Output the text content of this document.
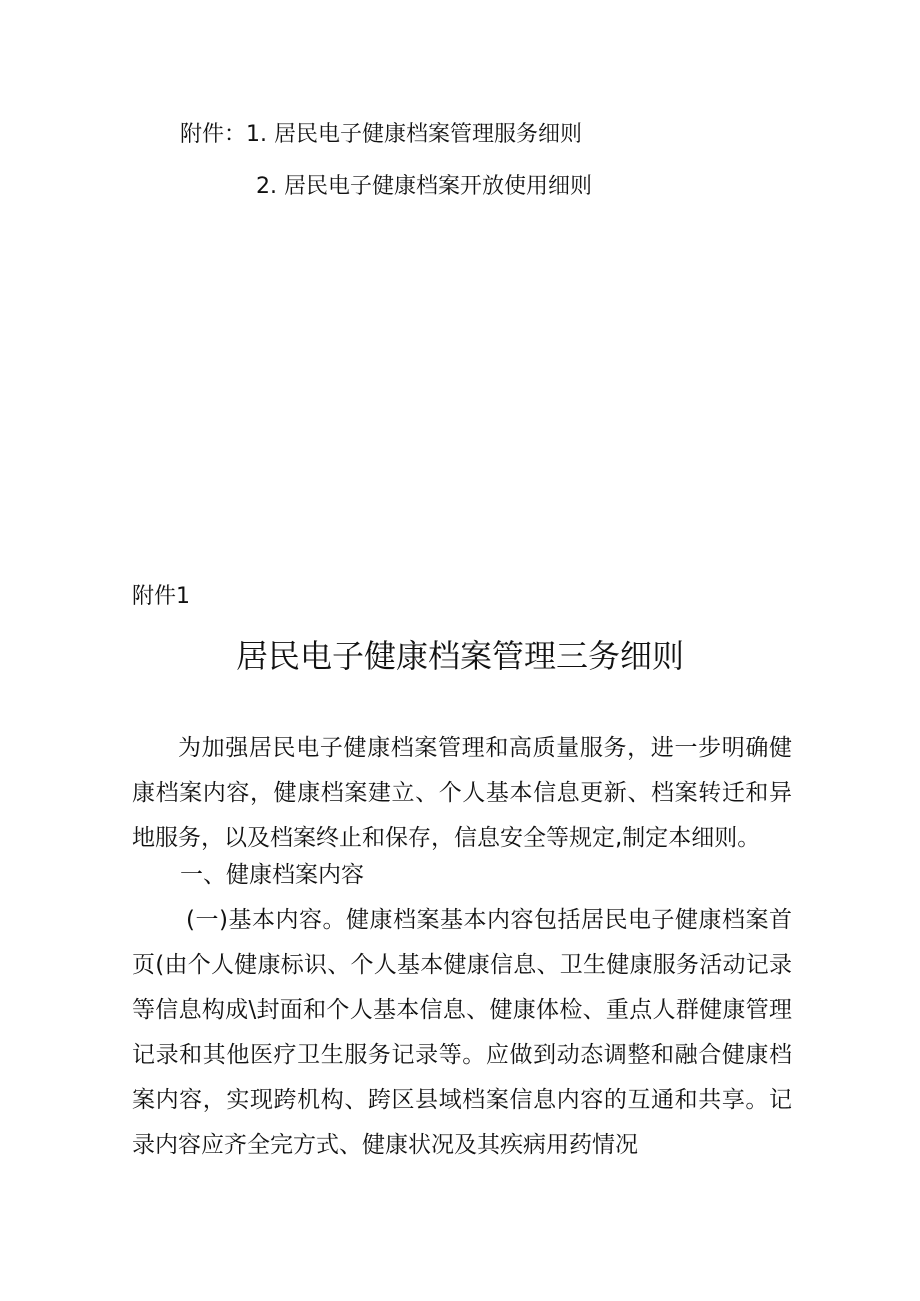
附件：1. 居民电子健康档案管理服务细则
2. 居民电子健康档案开放使用细则
附件1
居民电子健康档案管理三务细则

为加强居民电子健康档案管理和高质量服务，进一步明确健康档案内容，健康档案建立、个人基本信息更新、档案转迁和异地服务，以及档案终止和保存，信息安全等规定,制定本细则。

一、健康档案内容

(一)基本内容。健康档案基本内容包括居民电子健康档案首页(由个人健康标识、个人基本健康信息、卫生健康服务活动记录等信息构成\封面和个人基本信息、健康体检、重点人群健康管理记录和其他医疗卫生服务记录等。应做到动态调整和融合健康档案内容，实现跨机构、跨区县域档案信息内容的互通和共享。记录内容应齐全完方式、健康状况及其疾病用药情况
